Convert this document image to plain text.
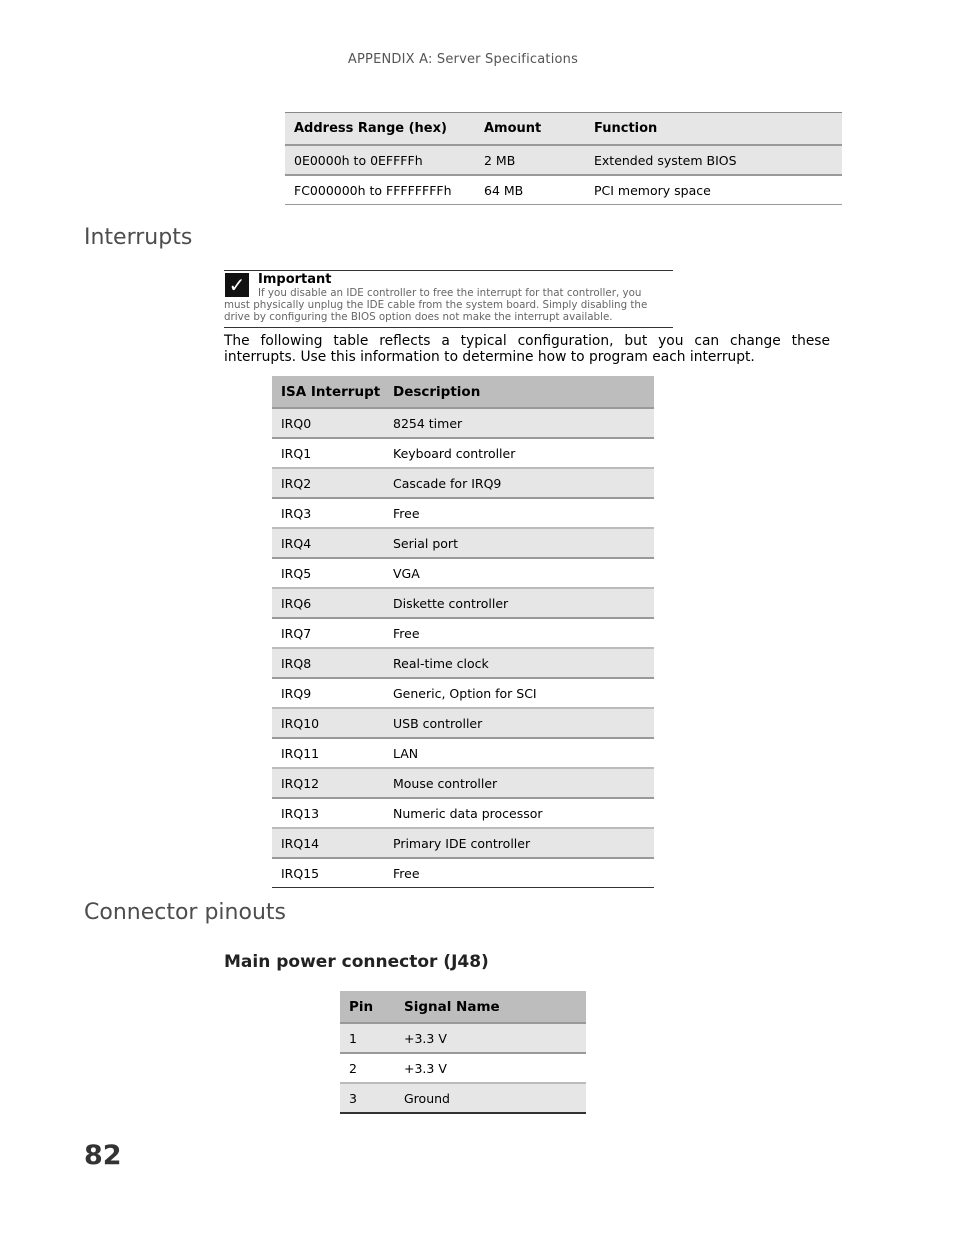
APPENDIX A: Server Specifications
Address Range (hex)	Amount	Function
0E0000h to 0EFFFFh	2 MB	Extended system BIOS
FC000000h to FFFFFFFFh	64 MB	PCI memory space
Interrupts
✓ Important
If you disable an IDE controller to free the interrupt for that controller, you must physically unplug the IDE cable from the system board. Simply disabling the drive by configuring the BIOS option does not make the interrupt available.
The following table reflects a typical configuration, but you can change these interrupts. Use this information to determine how to program each interrupt.
ISA Interrupt	Description
IRQ0	8254 timer
IRQ1	Keyboard controller
IRQ2	Cascade for IRQ9
IRQ3	Free
IRQ4	Serial port
IRQ5	VGA
IRQ6	Diskette controller
IRQ7	Free
IRQ8	Real-time clock
IRQ9	Generic, Option for SCI
IRQ10	USB controller
IRQ11	LAN
IRQ12	Mouse controller
IRQ13	Numeric data processor
IRQ14	Primary IDE controller
IRQ15	Free
Connector pinouts
Main power connector (J48)
Pin	Signal Name
1	+3.3 V
2	+3.3 V
3	Ground
82
